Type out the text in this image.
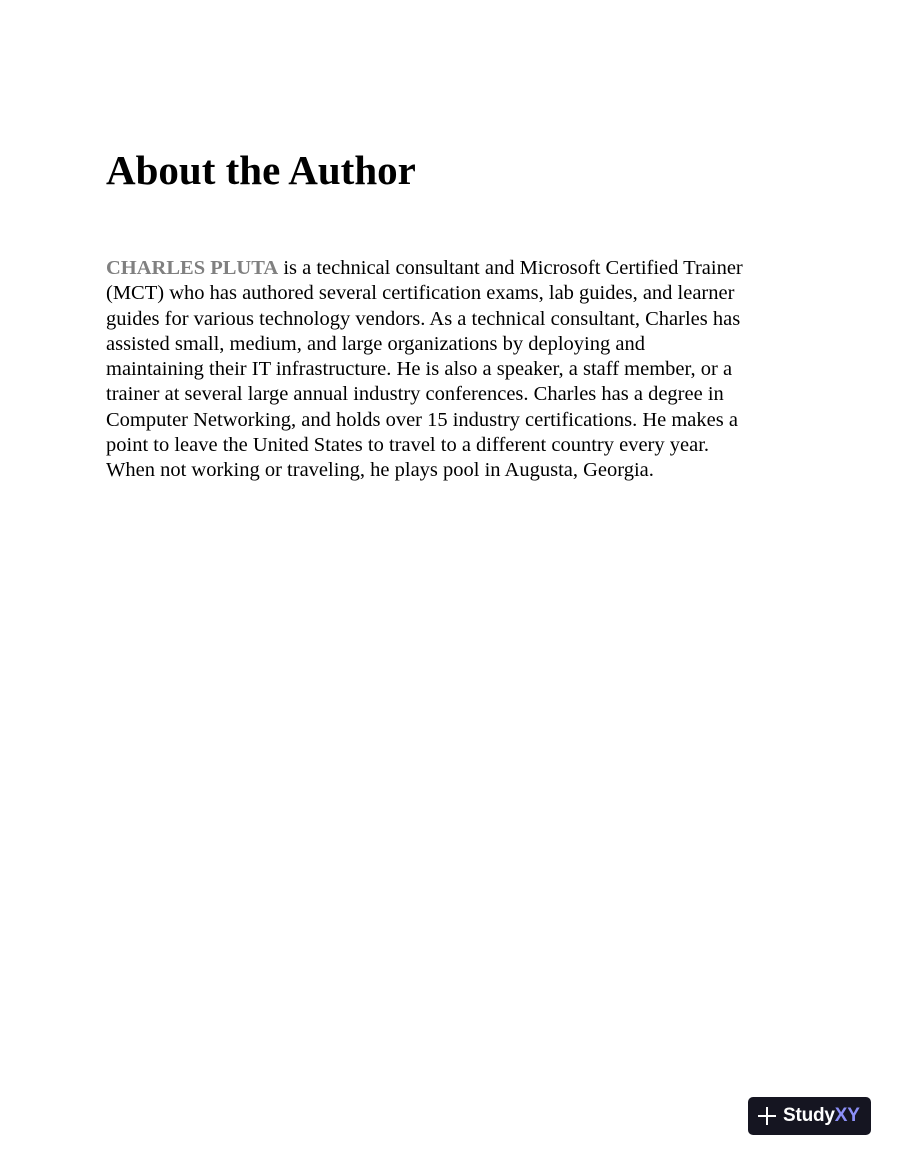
About the Author

CHARLES PLUTA is a technical consultant and Microsoft Certified Trainer
(MCT) who has authored several certification exams, lab guides, and learner
guides for various technology vendors. As a technical consultant, Charles has
assisted small, medium, and large organizations by deploying and
maintaining their IT infrastructure. He is also a speaker, a staff member, or a
trainer at several large annual industry conferences. Charles has a degree in
Computer Networking, and holds over 15 industry certifications. He makes a
point to leave the United States to travel to a different country every year.
When not working or traveling, he plays pool in Augusta, Georgia.

StudyXY
